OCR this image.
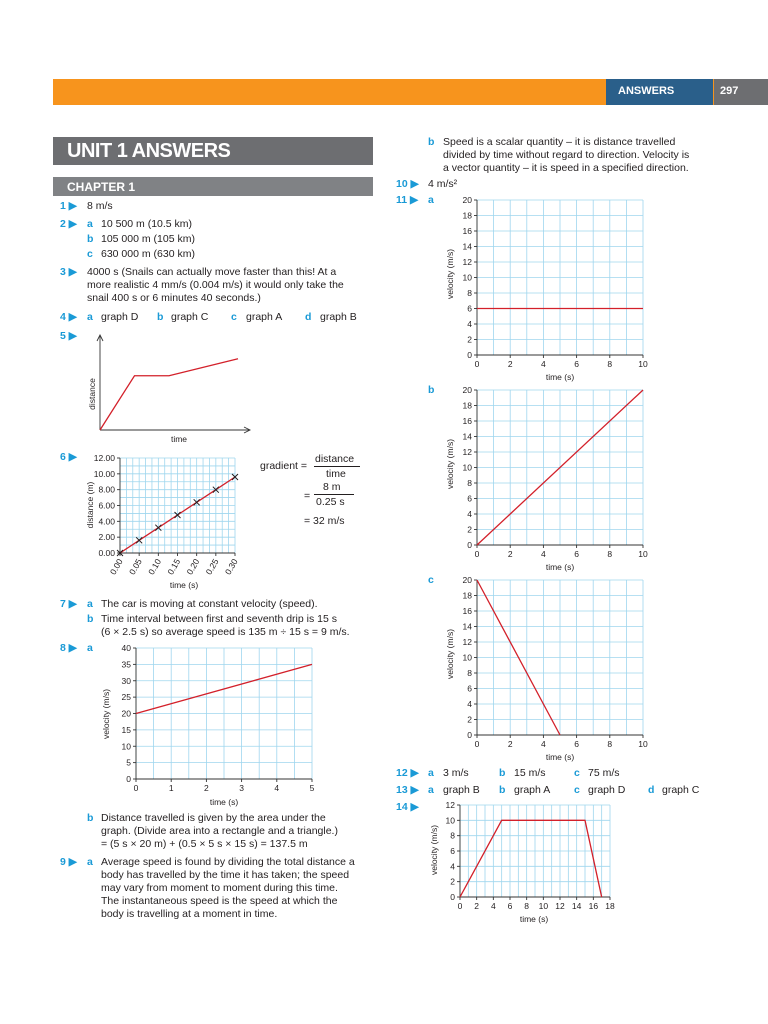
ANSWERS	297
UNIT 1 ANSWERS
CHAPTER 1
1 ▶ 8 m/s
2 ▶ a 10 500 m (10.5 km)
b 105 000 m (105 km)
c 630 000 m (630 km)
3 ▶ 4000 s (Snails can actually move faster than this! At a
more realistic 4 mm/s (0.004 m/s) it would only take the
snail 400 s or 6 minutes 40 seconds.)
4 ▶ a graph D b graph C c graph A d graph B
5 ▶
time
distance
6 ▶
0.00 0.05 0.10 0.15 0.20 0.25 0.30
0.00
2.00
4.00
6.00
8.00
10.00
12.00
time (s)
distance (m)
gradient =
distance
time
=
8 m
0.25 s
= 32 m/s
7 ▶ a The car is moving at constant velocity (speed).
b Time interval between first and seventh drip is 15 s
(6 × 2.5 s) so average speed is 135 m ÷ 15 s = 9 m/s.
8 ▶ a
0	1	2	3	4	5
0
5
10
15
20
25
30
35
40
time (s)
velocity (m/s)
b Distance travelled is given by the area under the
graph. (Divide area into a rectangle and a triangle.)
= (5 s × 20 m) + (0.5 × 5 s × 15 s) = 137.5 m
9 ▶ a Average speed is found by dividing the total distance a
body has travelled by the time it has taken; the speed
may vary from moment to moment during this time.
The instantaneous speed is the speed at which the
body is travelling at a moment in time.
b Speed is a scalar quantity – it is distance travelled
divided by time without regard to direction. Velocity is
a vector quantity – it is speed in a specified direction.
10 ▶ 4 m/s²
11 ▶ a
0	2	4	6	8	10
0
2
4
6
8
10
12
14
16
18
20
time (s)
velocity (m/s)
b
0	2	4	6	8	10
0
2
4
6
8
10
12
14
16
18
20
time (s)
velocity (m/s)
c
0	2	4	6	8	10
0
2
4
6
8
10
12
14
16
18
20
time (s)
velocity (m/s)
12 ▶ a 3 m/s	b 15 m/s	c 75 m/s
13 ▶ a graph B b graph A c graph D d graph C
14 ▶
0 2 4 6 8 10 12 14 16 18
0
2
4
6
8
10
12
time (s)
velocity (m/s)
